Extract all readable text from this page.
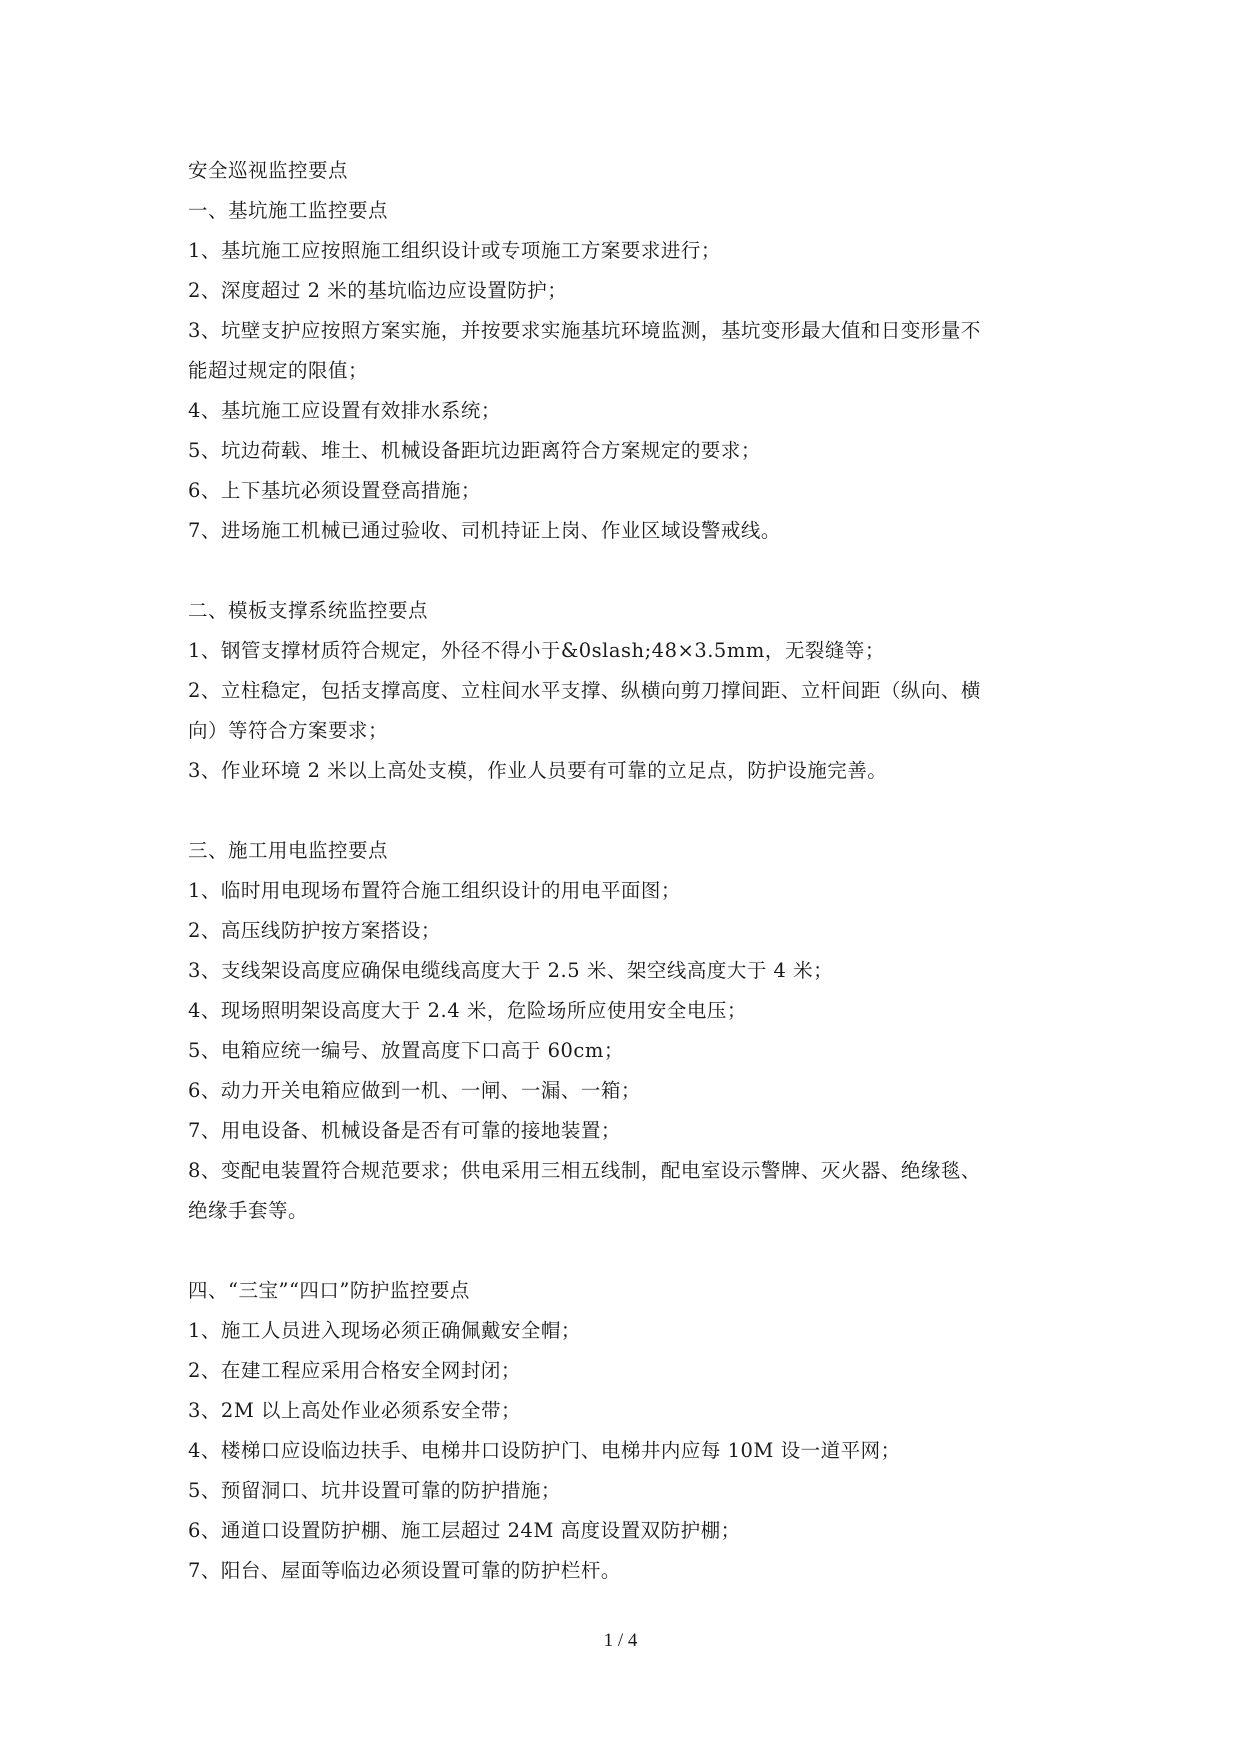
安全巡视监控要点
一、基坑施工监控要点
1、基坑施工应按照施工组织设计或专项施工方案要求进行；
2、深度超过 2 米的基坑临边应设置防护；
3、坑壁支护应按照方案实施，并按要求实施基坑环境监测，基坑变形最大值和日变形量不
能超过规定的限值；
4、基坑施工应设置有效排水系统；
5、坑边荷载、堆土、机械设备距坑边距离符合方案规定的要求；
6、上下基坑必须设置登高措施；
7、进场施工机械已通过验收、司机持证上岗、作业区域设警戒线。
二、模板支撑系统监控要点
1、钢管支撑材质符合规定，外径不得小于&0slash;48×3.5mm，无裂缝等；
2、立柱稳定，包括支撑高度、立柱间水平支撑、纵横向剪刀撑间距、立杆间距（纵向、横
向）等符合方案要求；
3、作业环境 2 米以上高处支模，作业人员要有可靠的立足点，防护设施完善。
三、施工用电监控要点
1、临时用电现场布置符合施工组织设计的用电平面图；
2、高压线防护按方案搭设；
3、支线架设高度应确保电缆线高度大于 2.5 米、架空线高度大于 4 米；
4、现场照明架设高度大于 2.4 米，危险场所应使用安全电压；
5、电箱应统一编号、放置高度下口高于 60cm；
6、动力开关电箱应做到一机、一闸、一漏、一箱；
7、用电设备、机械设备是否有可靠的接地装置；
8、变配电装置符合规范要求；供电采用三相五线制，配电室设示警牌、灭火器、绝缘毯、
绝缘手套等。
四、“三宝”“四口”防护监控要点
1、施工人员进入现场必须正确佩戴安全帽；
2、在建工程应采用合格安全网封闭；
3、2M 以上高处作业必须系安全带；
4、楼梯口应设临边扶手、电梯井口设防护门、电梯井内应每 10M 设一道平网；
5、预留洞口、坑井设置可靠的防护措施；
6、通道口设置防护棚、施工层超过 24M 高度设置双防护棚；
7、阳台、屋面等临边必须设置可靠的防护栏杆。
1 / 4
